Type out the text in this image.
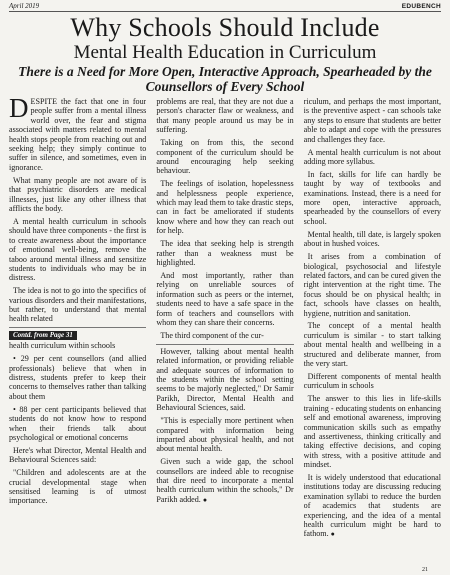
April 2019	EDUBENCH
Why Schools Should Include
Mental Health Education in Curriculum
There is a Need for More Open, Interactive Approach, Spearheaded by the Counsellors of Every School

DESPITE the fact that one in four people suffer from a mental illness world over, the fear and stigma associated with matters related to mental health stops people from reaching out and seeking help; they simply continue to suffer in silence, and sometimes, even in ignorance.

What many people are not aware of is that psychiatric disorders are medical illnesses, just like any other illness that afflicts the body.

A mental health curriculum in schools should have three components - the first is to create awareness about the importance of emotional well-being, remove the taboo around mental illness and sensitize students to individuals who may be in distress.

The idea is not to go into the specifics of various disorders and their manifestations, but rather, to understand that mental health related

Contd. from Page 31

health curriculum within schools

• 29 per cent counsellors (and allied professionals) believe that when in distress, students prefer to keep their concerns to themselves rather than talking about them

• 88 per cent participants believed that students do not know how to respond when their friends talk about psychological or emotional concerns

Here's what Director, Mental Health and Behavioural Sciences said:

"Children and adolescents are at the crucial developmental stage when sensitised learning is of utmost importance.

problems are real, that they are not due a person's character flaw or weakness, and that many people around us may be in suffering.

Taking on from this, the second component of the curriculum should be around encouraging help seeking behaviour.

The feelings of isolation, hopelessness and helplessness people experience, which may lead them to take drastic steps, can in fact be ameliorated if students know where and how they can reach out for help.

The idea that seeking help is strength rather than a weakness must be highlighted.

And most importantly, rather than relying on unreliable sources of information such as peers or the internet, students need to have a safe space in the form of teachers and counsellors with whom they can share their concerns.

The third component of the cur-

However, talking about mental health related information, or providing reliable and adequate sources of information to the students within the school setting seems to be majorly neglected," Dr Samir Parikh, Director, Mental Health and Behavioural Sciences, said.

"This is especially more pertinent when compared with information being imparted about physical health, and not about mental health.

Given such a wide gap, the school counsellors are indeed able to recognise that dire need to incorporate a mental health curriculum within the schools," Dr Parikh added. ●

riculum, and perhaps the most important, is the preventive aspect - can schools take any steps to ensure that students are better able to adapt and cope with the pressures and challenges they face.

A mental health curriculum is not about adding more syllabus.

In fact, skills for life can hardly be taught by way of textbooks and examinations. Instead, there is a need for more open, interactive approach, spearheaded by the counsellors of every school.

Mental health, till date, is largely spoken about in hushed voices.

It arises from a combination of biological, psychosocial and lifestyle related factors, and can be cured given the right intervention at the right time. The focus should be on physical health; in fact, schools have classes on health, hygiene, nutrition and sanitation.

The concept of a mental health curriculum is similar - to start talking about mental health and wellbeing in a structured and deliberate manner, from the very start.

Different components of mental health curriculum in schools

The answer to this lies in life-skills training - educating students on enhancing self and emotional awareness, improving communication skills such as empathy and assertiveness, thinking critically and taking effective decisions, and coping with stress, with a positive attitude and mindset.

It is widely understood that educational institutions today are discussing reducing examination syllabi to reduce the burden of academics that students are experiencing, and the idea of a mental health curriculum might be hard to fathom. ●

21
